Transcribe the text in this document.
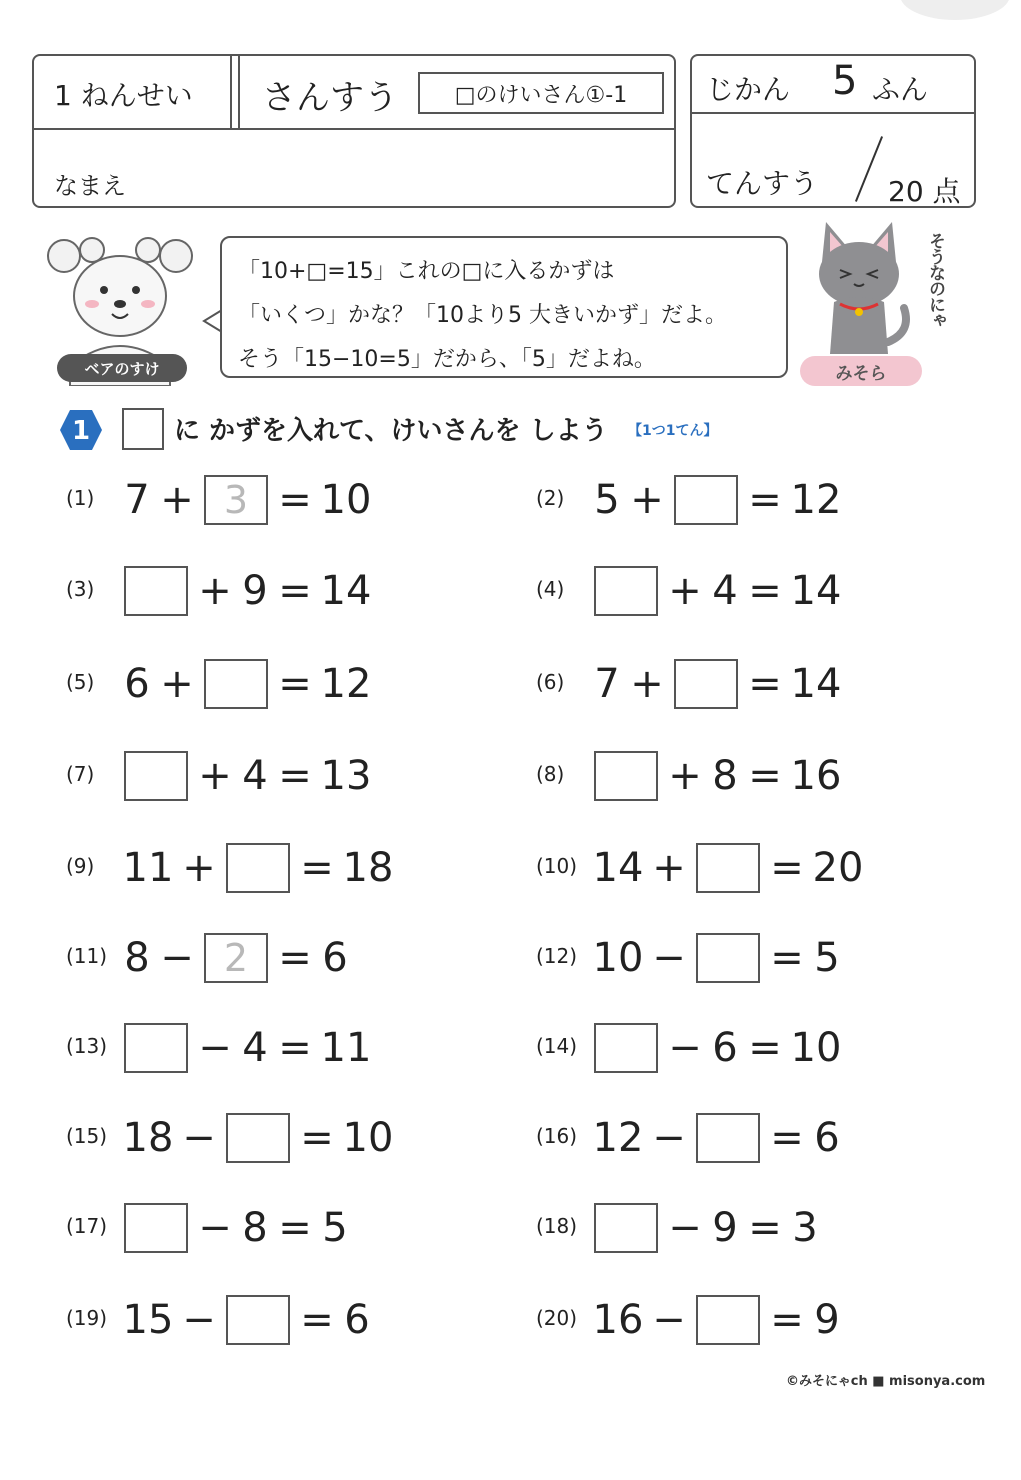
1 ねんせい さんすう	□のけいさん①-1
なまえ
じかん 5 ふん
てんすう 20 点
ベアのすけ
「10+□=15」これの□に入るかずは
「いくつ」かな？「10より5 大きいかず」だよ。
そう「15−10=5」だから、「5」だよね。
みそら
そうなのにゃ
1	に かずを入れて、けいさんを しよう 【1つ1てん】
(1) 7 + 3 = 10	(2) 5 + = 12
(3)	+ 9 = 14	(4)	+ 4 = 14
(5) 6 + = 12	(6) 7 + = 14
(7)	+ 4 = 13	(8)	+ 8 = 16
(9) 11 + = 18	(10) 14 + = 20
(11) 8 − 2 = 6	(12) 10 − = 5
(13) − 4 = 11	(14) − 6 = 10
(15) 18 − = 10	(16) 12 − = 6
(17) − 8 = 5	(18) − 9 = 3
(19) 15 − = 6	(20) 16 − = 9
©みそにゃch ■ misonya.com
